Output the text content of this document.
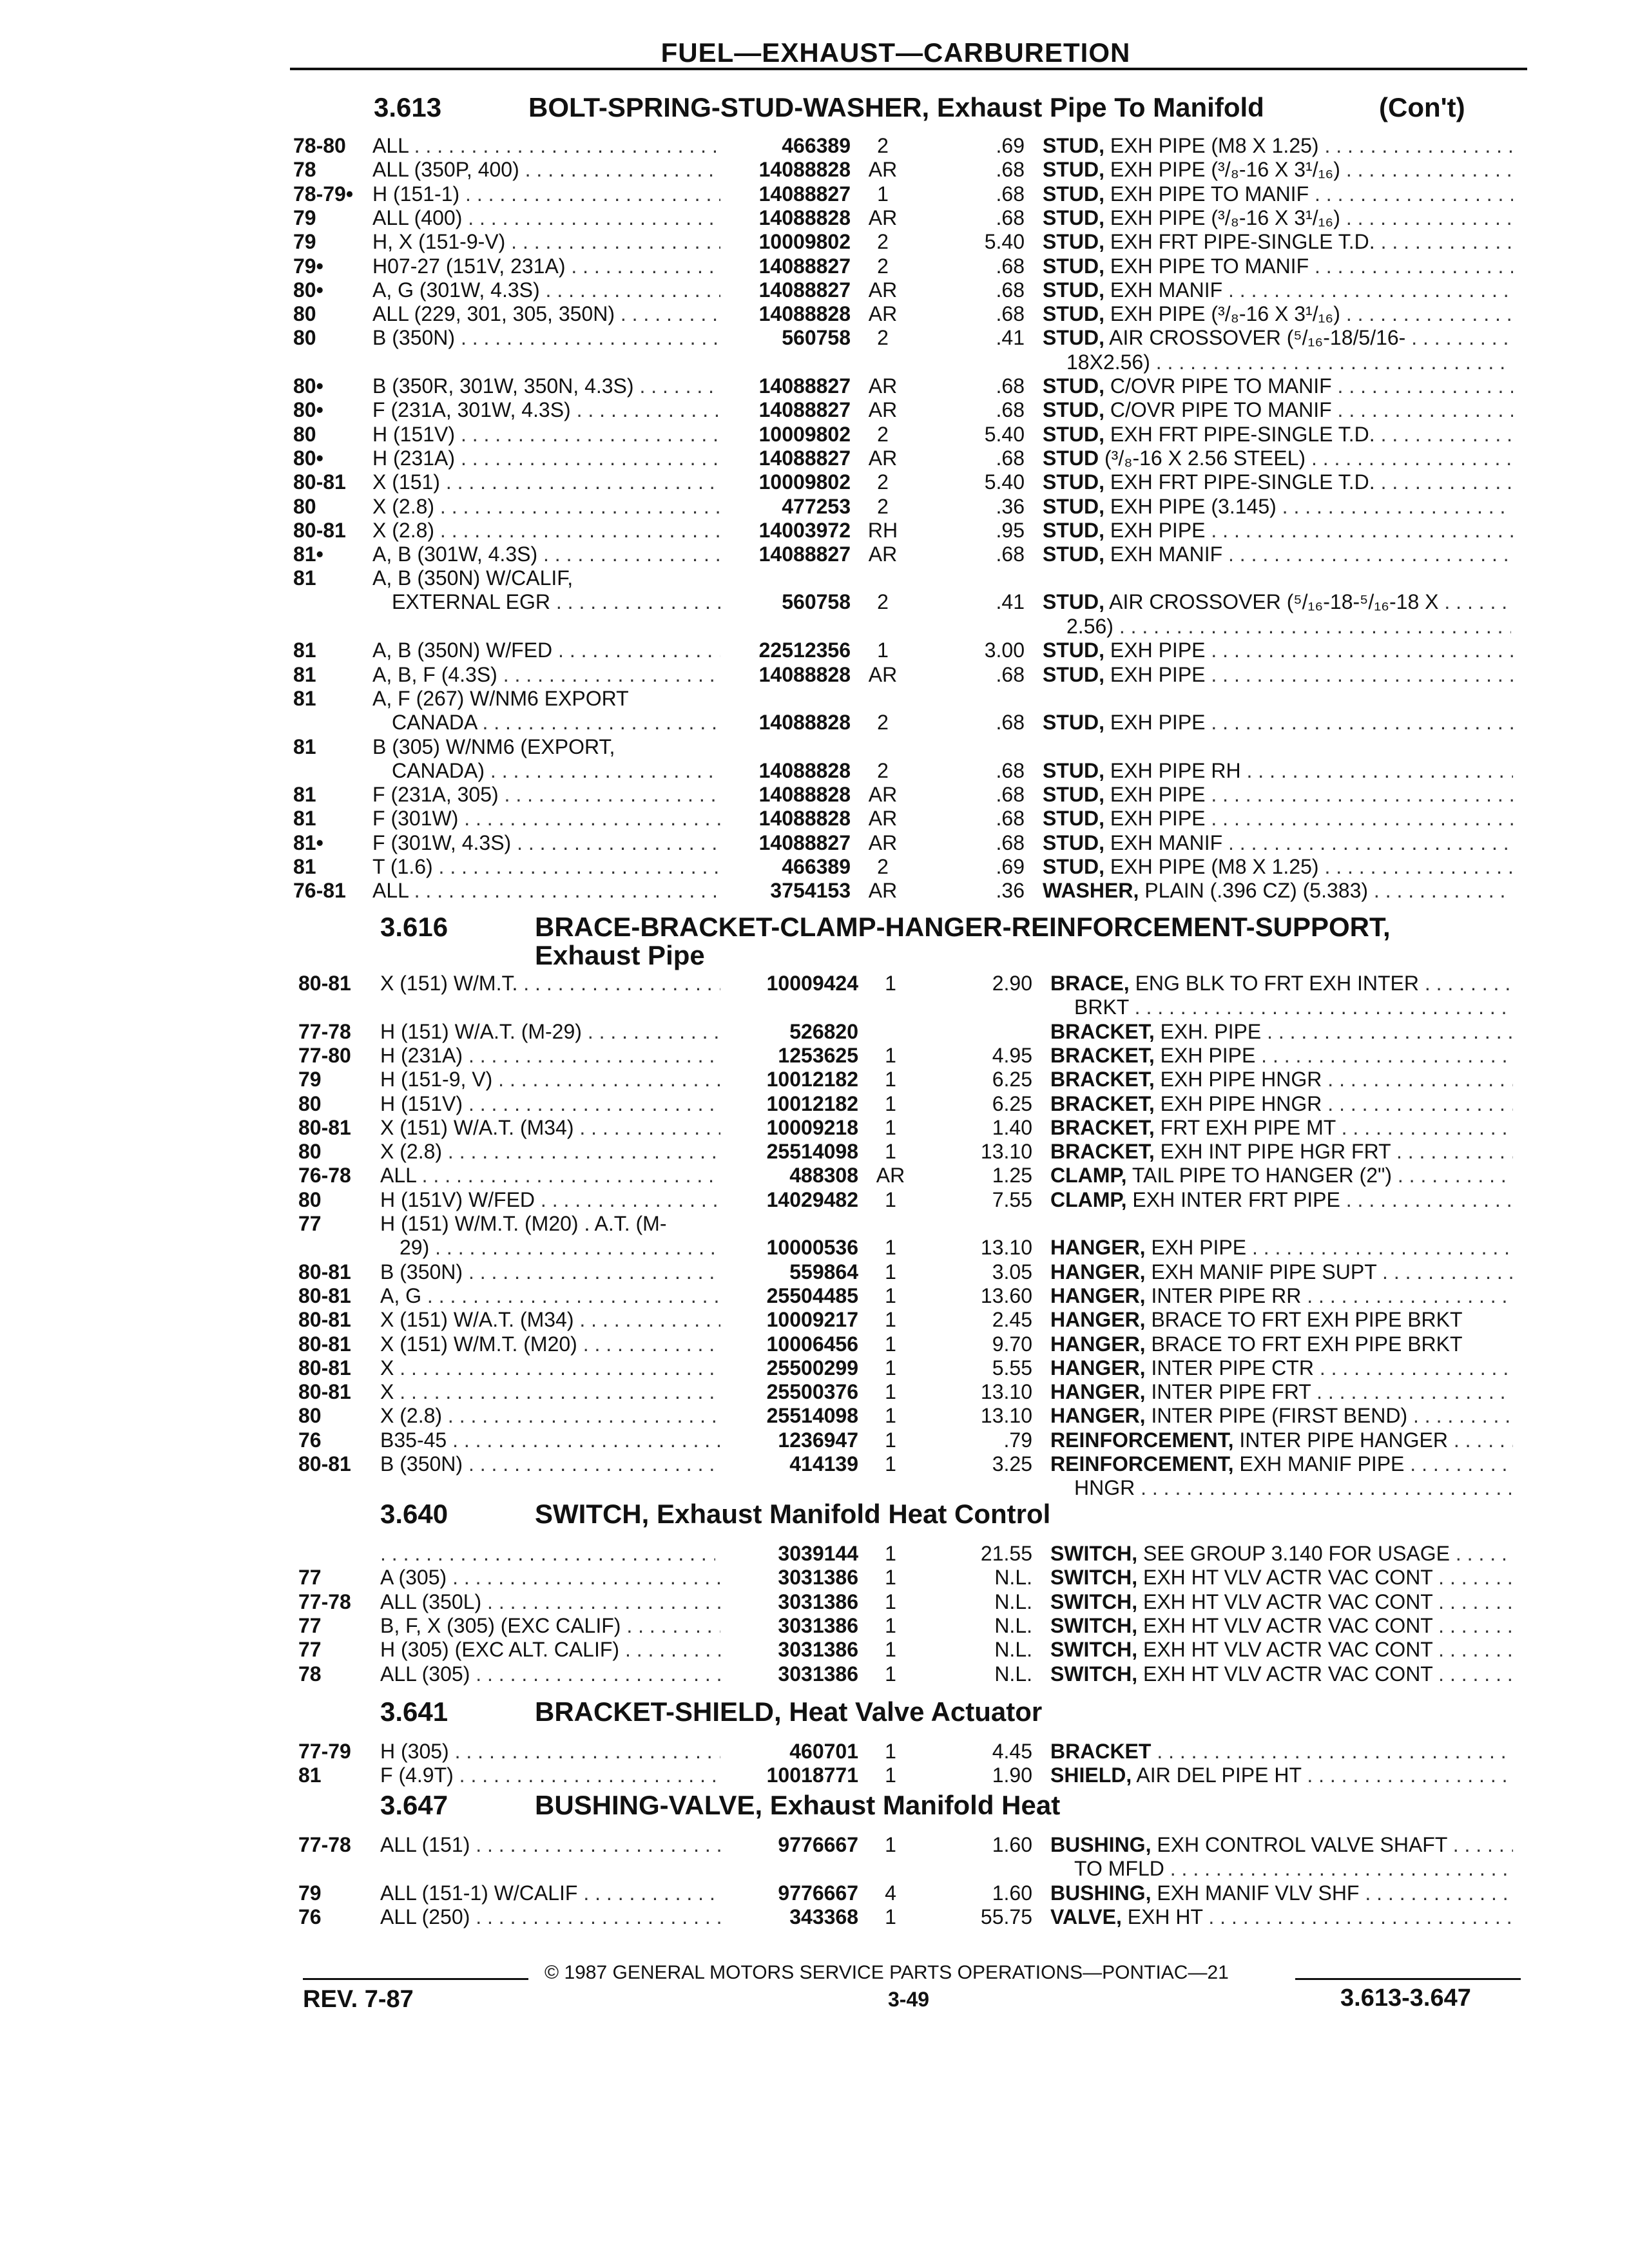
FUEL—EXHAUST—CARBURETION
3.613	BOLT-SPRING-STUD-WASHER, Exhaust Pipe To Manifold	(Con't)
78-80	ALL . . .	466389	2	.69 STUD, EXH PIPE (M8 X 1.25) . . .
78	ALL (350P, 400) . . .	14088828 AR	.68 STUD, EXH PIPE (³/₈-16 X 3¹/₁₆) . . .
78-79• H (151-1) . . .	14088827	1	.68 STUD, EXH PIPE TO MANIF . . .
79	ALL (400) . . .	14088828 AR	.68 STUD, EXH PIPE (³/₈-16 X 3¹/₁₆) . . .
79	H, X (151-9-V) . . .	10009802	2	5.40 STUD, EXH FRT PIPE-SINGLE T.D. . . .
79•	H07-27 (151V, 231A) . . .	14088827	2	.68 STUD, EXH PIPE TO MANIF . . .
80•	A, G (301W, 4.3S) . . .	14088827 AR	.68 STUD, EXH MANIF . . .
80	ALL (229, 301, 305, 350N) . . .	14088828 AR	.68 STUD, EXH PIPE (³/₈-16 X 3¹/₁₆) . . .
80	B (350N) . . .	560758	2	.41 STUD, AIR CROSSOVER (⁵/₁₆-18/5/16- . . .
18X2.56) . . .
80•	B (350R, 301W, 350N, 4.3S) . . .	14088827 AR	.68 STUD, C/OVR PIPE TO MANIF . . .
80•	F (231A, 301W, 4.3S) . . .	14088827 AR	.68 STUD, C/OVR PIPE TO MANIF . . .
80	H (151V) . . .	10009802	2	5.40 STUD, EXH FRT PIPE-SINGLE T.D. . . .
80•	H (231A) . . .	14088827 AR	.68 STUD (³/₈-16 X 2.56 STEEL) . . .
80-81	X (151) . . .	10009802	2	5.40 STUD, EXH FRT PIPE-SINGLE T.D. . . .
80	X (2.8) . . .	477253	2	.36 STUD, EXH PIPE (3.145) . . .
80-81	X (2.8) . . .	14003972 RH	.95 STUD, EXH PIPE . . .
81•	A, B (301W, 4.3S) . . .	14088827 AR	.68 STUD, EXH MANIF . . .
81	A, B (350N) W/CALIF,
560758	2	.41 STUD, AIR CROSSOVER (⁵/₁₆-18-⁵/₁₆-18 X . . .
EXTERNAL EGR . . .
2.56) . . .
81	A, B (350N) W/FED . . .	22512356	1	3.00 STUD, EXH PIPE . . .
81	A, B, F (4.3S) . . .	14088828 AR	.68 STUD, EXH PIPE . . .
81	A, F (267) W/NM6 EXPORT
14088828	2	.68 STUD, EXH PIPE . . .
CANADA . . .
81	B (305) W/NM6 (EXPORT,
14088828	2	.68 STUD, EXH PIPE RH . . .
CANADA) . . .
81	F (231A, 305) . . .	14088828 AR	.68 STUD, EXH PIPE . . .
81	F (301W) . . .	14088828 AR	.68 STUD, EXH PIPE . . .
81•	F (301W, 4.3S) . . .	14088827 AR	.68 STUD, EXH MANIF . . .
81	T (1.6) . . .	466389	2	.69 STUD, EXH PIPE (M8 X 1.25) . . .
76-81	ALL . . .	3754153 AR	.36 WASHER, PLAIN (.396 CZ) (5.383) . . .
3.616	BRACE-BRACKET-CLAMP-HANGER-REINFORCEMENT-SUPPORT,
Exhaust Pipe
80-81	X (151) W/M.T. . . .	10009424	1	2.90 BRACE, ENG BLK TO FRT EXH INTER . . .
BRKT . . .
77-78	H (151) W/A.T. (M-29) . . .	526820	BRACKET, EXH. PIPE . . .
77-80	H (231A) . . .	1253625	1	4.95 BRACKET, EXH PIPE . . .
79	H (151-9, V) . . .	10012182	1	6.25 BRACKET, EXH PIPE HNGR . . .
80	H (151V) . . .	10012182	1	6.25 BRACKET, EXH PIPE HNGR . . .
80-81	X (151) W/A.T. (M34) . . .	10009218	1	1.40 BRACKET, FRT EXH PIPE MT . . .
80	X (2.8) . . .	25514098	1	13.10 BRACKET, EXH INT PIPE HGR FRT . . .
76-78	ALL . . .	488308 AR	1.25 CLAMP, TAIL PIPE TO HANGER (2") . . .
80	H (151V) W/FED . . .	14029482	1	7.55 CLAMP, EXH INTER FRT PIPE . . .
77	H (151) W/M.T. (M20) . A.T. (M-
10000536	1	13.10 HANGER, EXH PIPE . . .
29) . . .
80-81	B (350N) . . .	559864	1	3.05 HANGER, EXH MANIF PIPE SUPT . . .
80-81	A, G . . .	25504485	1	13.60 HANGER, INTER PIPE RR . . .
80-81	X (151) W/A.T. (M34) . . .	10009217	1	2.45 HANGER, BRACE TO FRT EXH PIPE BRKT
80-81	X (151) W/M.T. (M20) . . .	10006456	1	9.70 HANGER, BRACE TO FRT EXH PIPE BRKT
80-81	X . . .	25500299	1	5.55 HANGER, INTER PIPE CTR . . .
80-81	X . . .	25500376	1	13.10 HANGER, INTER PIPE FRT . . .
80	X (2.8) . . .	25514098	1	13.10 HANGER, INTER PIPE (FIRST BEND) . . .
76	B35-45 . . .	1236947	1	.79 REINFORCEMENT, INTER PIPE HANGER . . .
80-81	B (350N) . . .	414139	1	3.25 REINFORCEMENT, EXH MANIF PIPE . . .
HNGR . . .
3.640	SWITCH, Exhaust Manifold Heat Control
. . .
3039144	1	21.55 SWITCH, SEE GROUP 3.140 FOR USAGE . . .
77	A (305) . . .	3031386	1	N.L. SWITCH, EXH HT VLV ACTR VAC CONT . . .
77-78	ALL (350L) . . .	3031386	1	N.L. SWITCH, EXH HT VLV ACTR VAC CONT . . .
77	B, F, X (305) (EXC CALIF) . . .	3031386	1	N.L. SWITCH, EXH HT VLV ACTR VAC CONT . . .
77	H (305) (EXC ALT. CALIF) . . .	3031386	1	N.L. SWITCH, EXH HT VLV ACTR VAC CONT . . .
78	ALL (305) . . .	3031386	1	N.L. SWITCH, EXH HT VLV ACTR VAC CONT . . .
3.641	BRACKET-SHIELD, Heat Valve Actuator
77-79	H (305) . . .	460701	1	4.45 BRACKET . . .
81	F (4.9T) . . .	10018771	1	1.90 SHIELD, AIR DEL PIPE HT . . .
3.647	BUSHING-VALVE, Exhaust Manifold Heat
77-78	ALL (151) . . .	9776667	1	1.60 BUSHING, EXH CONTROL VALVE SHAFT . . .
TO MFLD . . .
79	ALL (151-1) W/CALIF . . .	9776667	4	1.60 BUSHING, EXH MANIF VLV SHF . . .
76	ALL (250) . . .	343368	1	55.75 VALVE, EXH HT . . .
© 1987 GENERAL MOTORS SERVICE PARTS OPERATIONS—PONTIAC—21
REV. 7-87	3-49	3.613-3.647
